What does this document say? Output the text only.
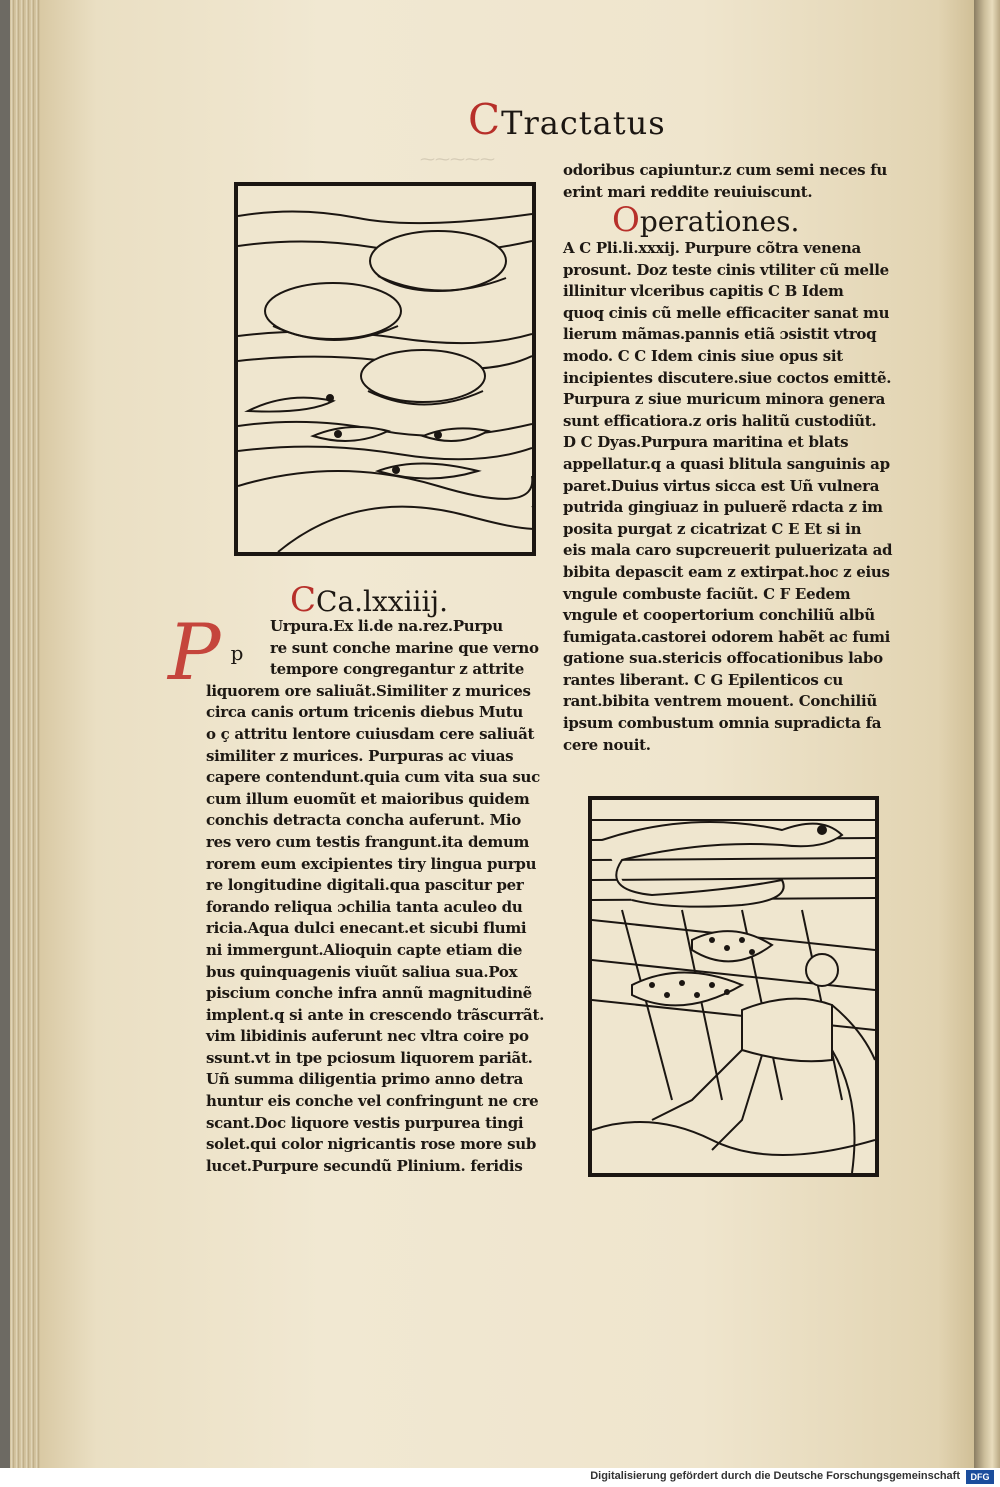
⁓⁓⁓⁓⁓
CTractatus
CCa.lxxiiij.
P p
Urpura.Ex li.de na.rez.Purpu
re sunt conche marine que verno
tempore congregantur z attrite
liquorem ore saliuãt.Similiter z murices
circa canis ortum tricenis diebus Mutu
o ç attritu lentore cuiusdam cere saliuãt
similiter z murices. Purpuras ac viuas
capere contendunt.quia cum vita sua suc
cum illum euomũt et maioribus quidem
conchis detracta concha auferunt. Mio
res vero cum testis frangunt.ita demum
rorem eum excipientes tiry lingua purpu
re longitudine digitali.qua pascitur per
forando reliqua ɔchilia tanta aculeo du
ricia.Aqua dulci enecant.et sicubi flumi
ni immergunt.Alioquin capte etiam die
bus quinquagenis viuũt saliua sua.Pox
piscium conche infra annũ magnitudinẽ
implent.q si ante in crescendo trãscurrãt.
vim libidinis auferunt nec vltra coire po
ssunt.vt in tpe pciosum liquorem pariãt.
Uñ summa diligentia primo anno detra
huntur eis conche vel confringunt ne cre
scant.Doc liquore vestis purpurea tingi
solet.qui color nigricantis rose more sub
lucet.Purpure secundũ Plinium. feridis
odoribus capiuntur.z cum semi neces fu
erint mari reddite reuiuiscunt.
Operationes.
A C Pli.li.xxxij. Purpure cõtra venena
prosunt. Doz teste cinis vtiliter cũ melle
illinitur vlceribus capitis C B Idem
quoq cinis cũ melle efficaciter sanat mu
lierum mãmas.pannis etiã ɔsistit vtroq
modo. C C Idem cinis siue opus sit
incipientes discutere.siue coctos emittẽ.
Purpura z siue muricum minora genera
sunt efficatiora.z oris halitũ custodiũt.
D C Dyas.Purpura maritina et blats
appellatur.q a quasi blitula sanguinis ap
paret.Duius virtus sicca est Uñ vulnera
putrida gingiuaz in puluerẽ rdacta z im
posita purgat z cicatrizat C E Et si in
eis mala caro supcreuerit puluerizata ad
bibita depascit eam z extirpat.hoc z eius
vngule combuste faciũt. C F Eedem
vngule et coopertorium conchiliũ albũ
fumigata.castorei odorem habẽt ac fumi
gatione sua.stericis offocationibus labo
rantes liberant. C G Epilenticos cu
rant.bibita ventrem mouent. Conchiliũ
ipsum combustum omnia supradicta fa
cere nouit.
Digitalisierung gefördert durch die Deutsche Forschungsgemeinschaft	DFG
